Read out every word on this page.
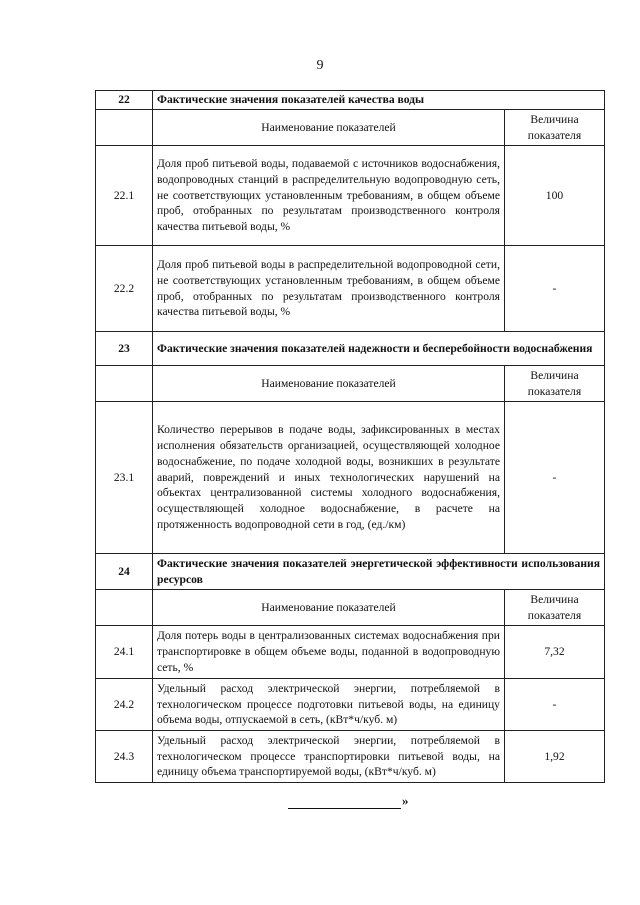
9
22	Фактические значения показателей качества воды	
	Наименование показателей	Величина показателя
22.1	Доля проб питьевой воды, подаваемой с источников водоснабжения, водопроводных станций в распределительную водопроводную сеть, не соответствующих установленным требованиям, в общем объеме проб, отобранных по результатам производственного контроля качества питьевой воды, %	100
22.2	Доля проб питьевой воды в распределительной водопроводной сети, не соответствующих установленным требованиям, в общем объеме проб, отобранных по результатам производственного контроля качества питьевой воды, %	-
23	Фактические значения показателей надежности и бесперебойности водоснабжения	
	Наименование показателей	Величина показателя
23.1	Количество перерывов в подаче воды, зафиксированных в местах исполнения обязательств организацией, осуществляющей холодное водоснабжение, по подаче холодной воды, возникших в результате аварий, повреждений и иных технологических нарушений на объектах централизованной системы холодного водоснабжения, осуществляющей холодное водоснабжение, в расчете на протяженность водопроводной сети в год, (ед./км)	-
24	Фактические значения показателей энергетической эффективности использования ресурсов	
	Наименование показателей	Величина показателя
24.1	Доля потерь воды в централизованных системах водоснабжения при транспортировке в общем объеме воды, поданной в водопроводную сеть, %	7,32
24.2	Удельный расход электрической энергии, потребляемой в технологическом процессе подготовки питьевой воды, на единицу объема воды, отпускаемой в сеть, (кВт*ч/куб. м)	-
24.3	Удельный расход электрической энергии, потребляемой в технологическом процессе транспортировки питьевой воды, на единицу объема транспортируемой воды, (кВт*ч/куб. м)	1,92
»
